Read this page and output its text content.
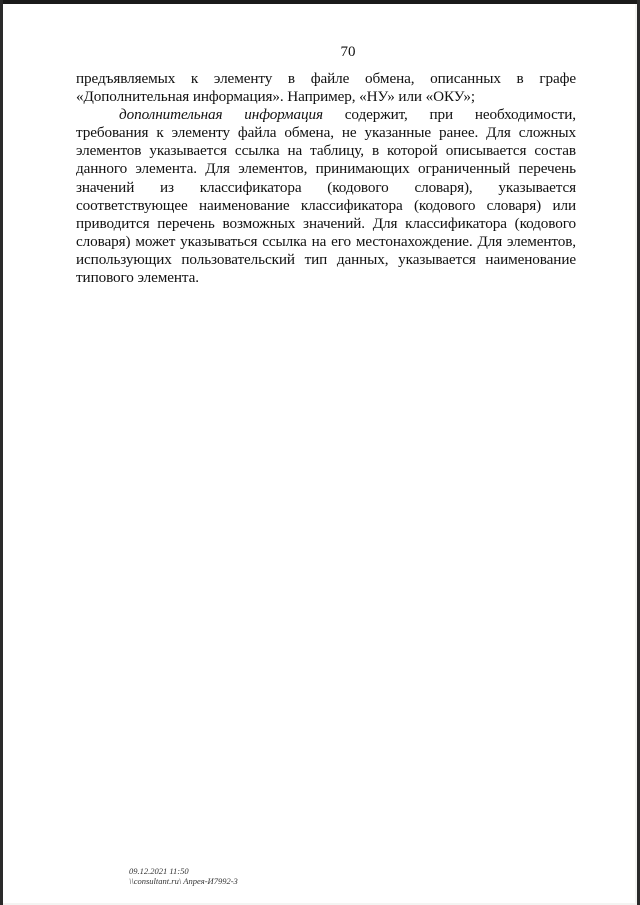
70

предъявляемых к элементу в файле обмена, описанных в графе «Дополнительная информация». Например, «НУ» или «ОКУ»;

дополнительная информация содержит, при необходимости, требования к элементу файла обмена, не указанные ранее. Для сложных элементов указывается ссылка на таблицу, в которой описывается состав данного элемента. Для элементов, принимающих ограниченный перечень значений из классификатора (кодового словаря), указывается соответствующее наименование классификатора (кодового словаря) или приводится перечень возможных значений. Для классификатора (кодового словаря) может указываться ссылка на его местонахождение. Для элементов, использующих пользовательский тип данных, указывается наименование типового элемента.

09.12.2021 11:50
\\consultant.ru\ Апрея-И7992-3
